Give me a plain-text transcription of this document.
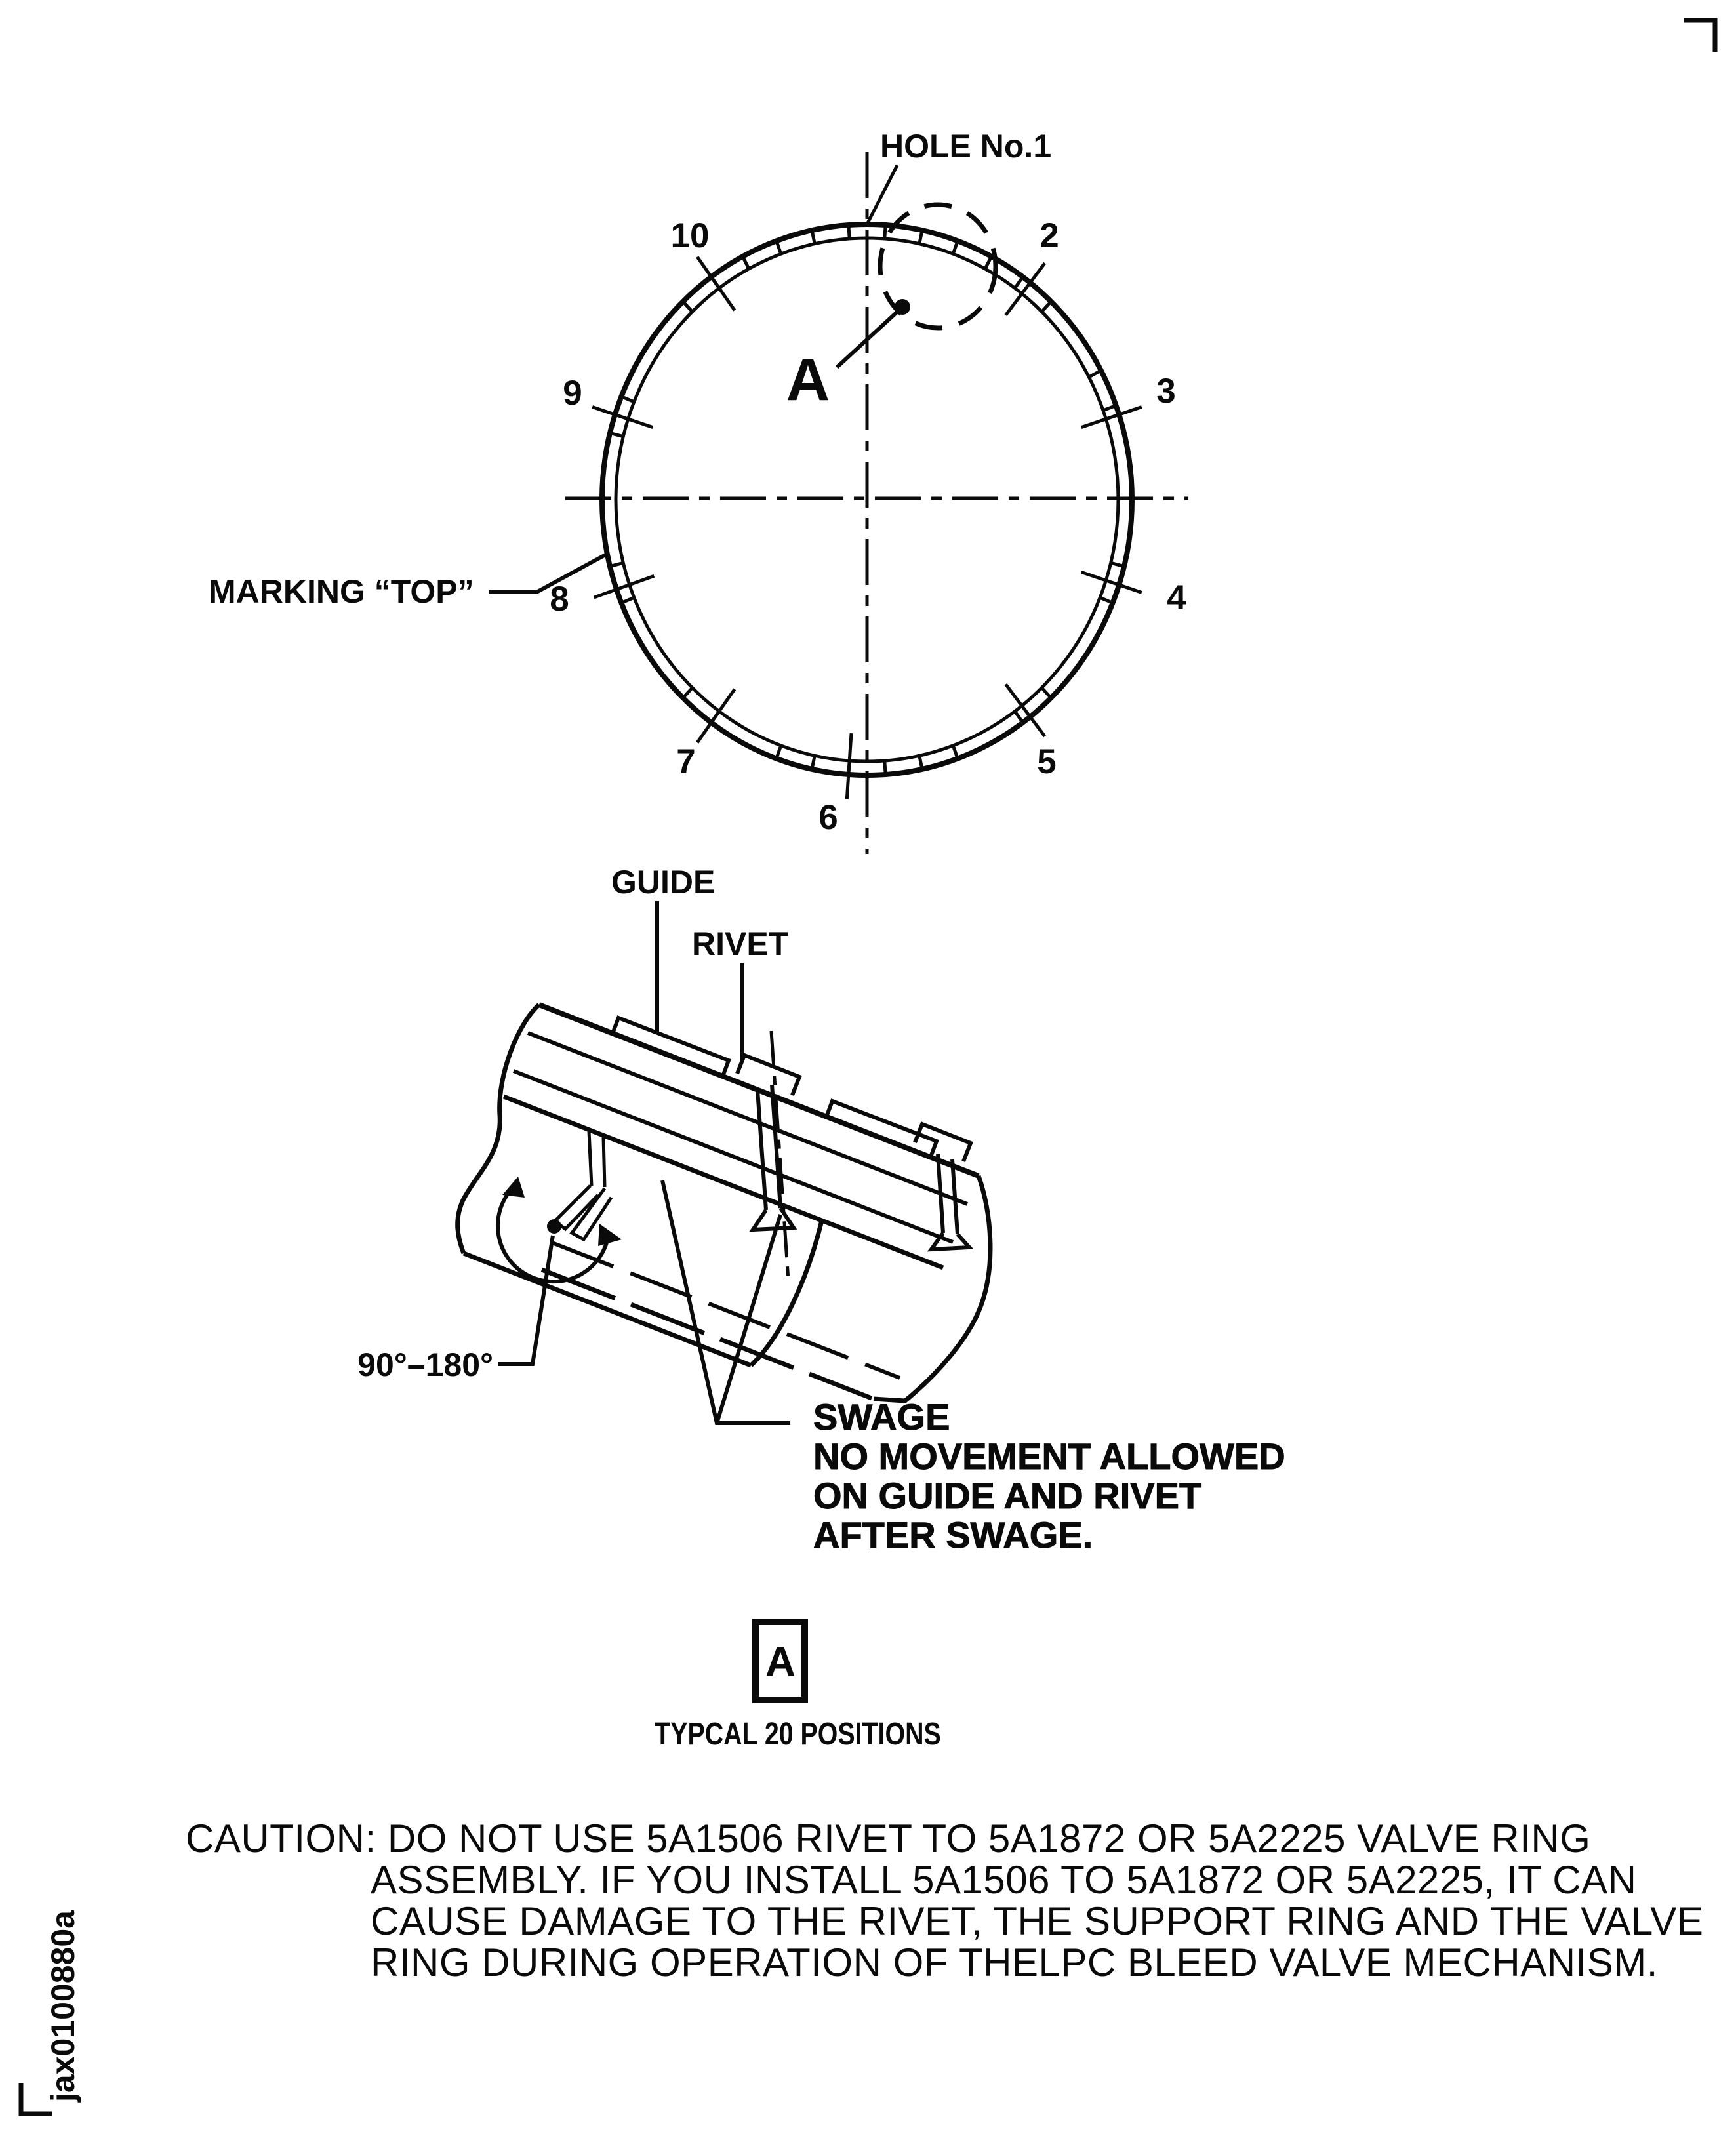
2
3
4
5
6
7
8
9
10
HOLE No.1
A
MARKING “TOP”
GUIDE
RIVET
90°–180°
SWAGE
NO MOVEMENT ALLOWED
ON GUIDE AND RIVET
AFTER SWAGE.
A
TYPCAL 20 POSITIONS
jax0100880a
CAUTION: DO NOT USE 5A1506 RIVET TO 5A1872 OR 5A2225 VALVE RING
ASSEMBLY. IF YOU INSTALL 5A1506 TO 5A1872 OR 5A2225, IT CAN
CAUSE DAMAGE TO THE RIVET, THE SUPPORT RING AND THE VALVE
RING DURING OPERATION OF THELPC BLEED VALVE MECHANISM.
